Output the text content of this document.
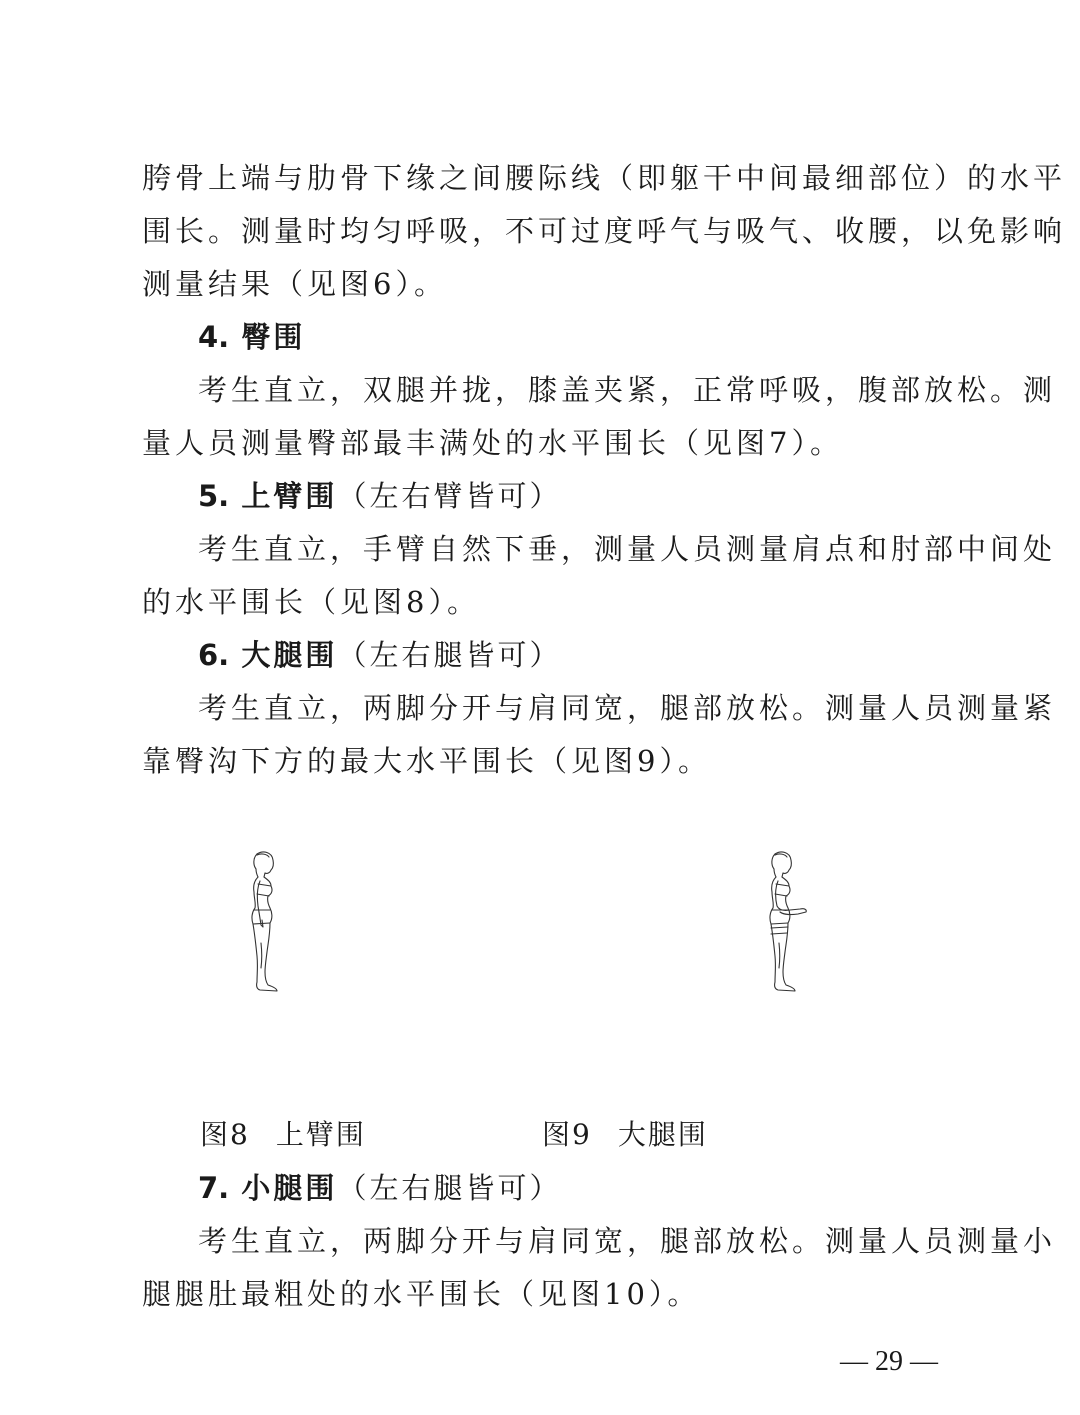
胯骨上端与肋骨下缘之间腰际线（即躯干中间最细部位）的水平
围长。测量时均匀呼吸，不可过度呼气与吸气、收腰，以免影响
测量结果（见图6）。
4. 臀围
考生直立，双腿并拢，膝盖夹紧，正常呼吸，腹部放松。测
量人员测量臀部最丰满处的水平围长（见图7）。
5. 上臂围（左右臂皆可）
考生直立，手臂自然下垂，测量人员测量肩点和肘部中间处
的水平围长（见图8）。
6. 大腿围（左右腿皆可）
考生直立，两脚分开与肩同宽，腿部放松。测量人员测量紧
靠臀沟下方的最大水平围长（见图9）。
图8 上臂围	图9 大腿围
7. 小腿围（左右腿皆可）
考生直立，两脚分开与肩同宽，腿部放松。测量人员测量小
腿腿肚最粗处的水平围长（见图10）。
— 29 —
